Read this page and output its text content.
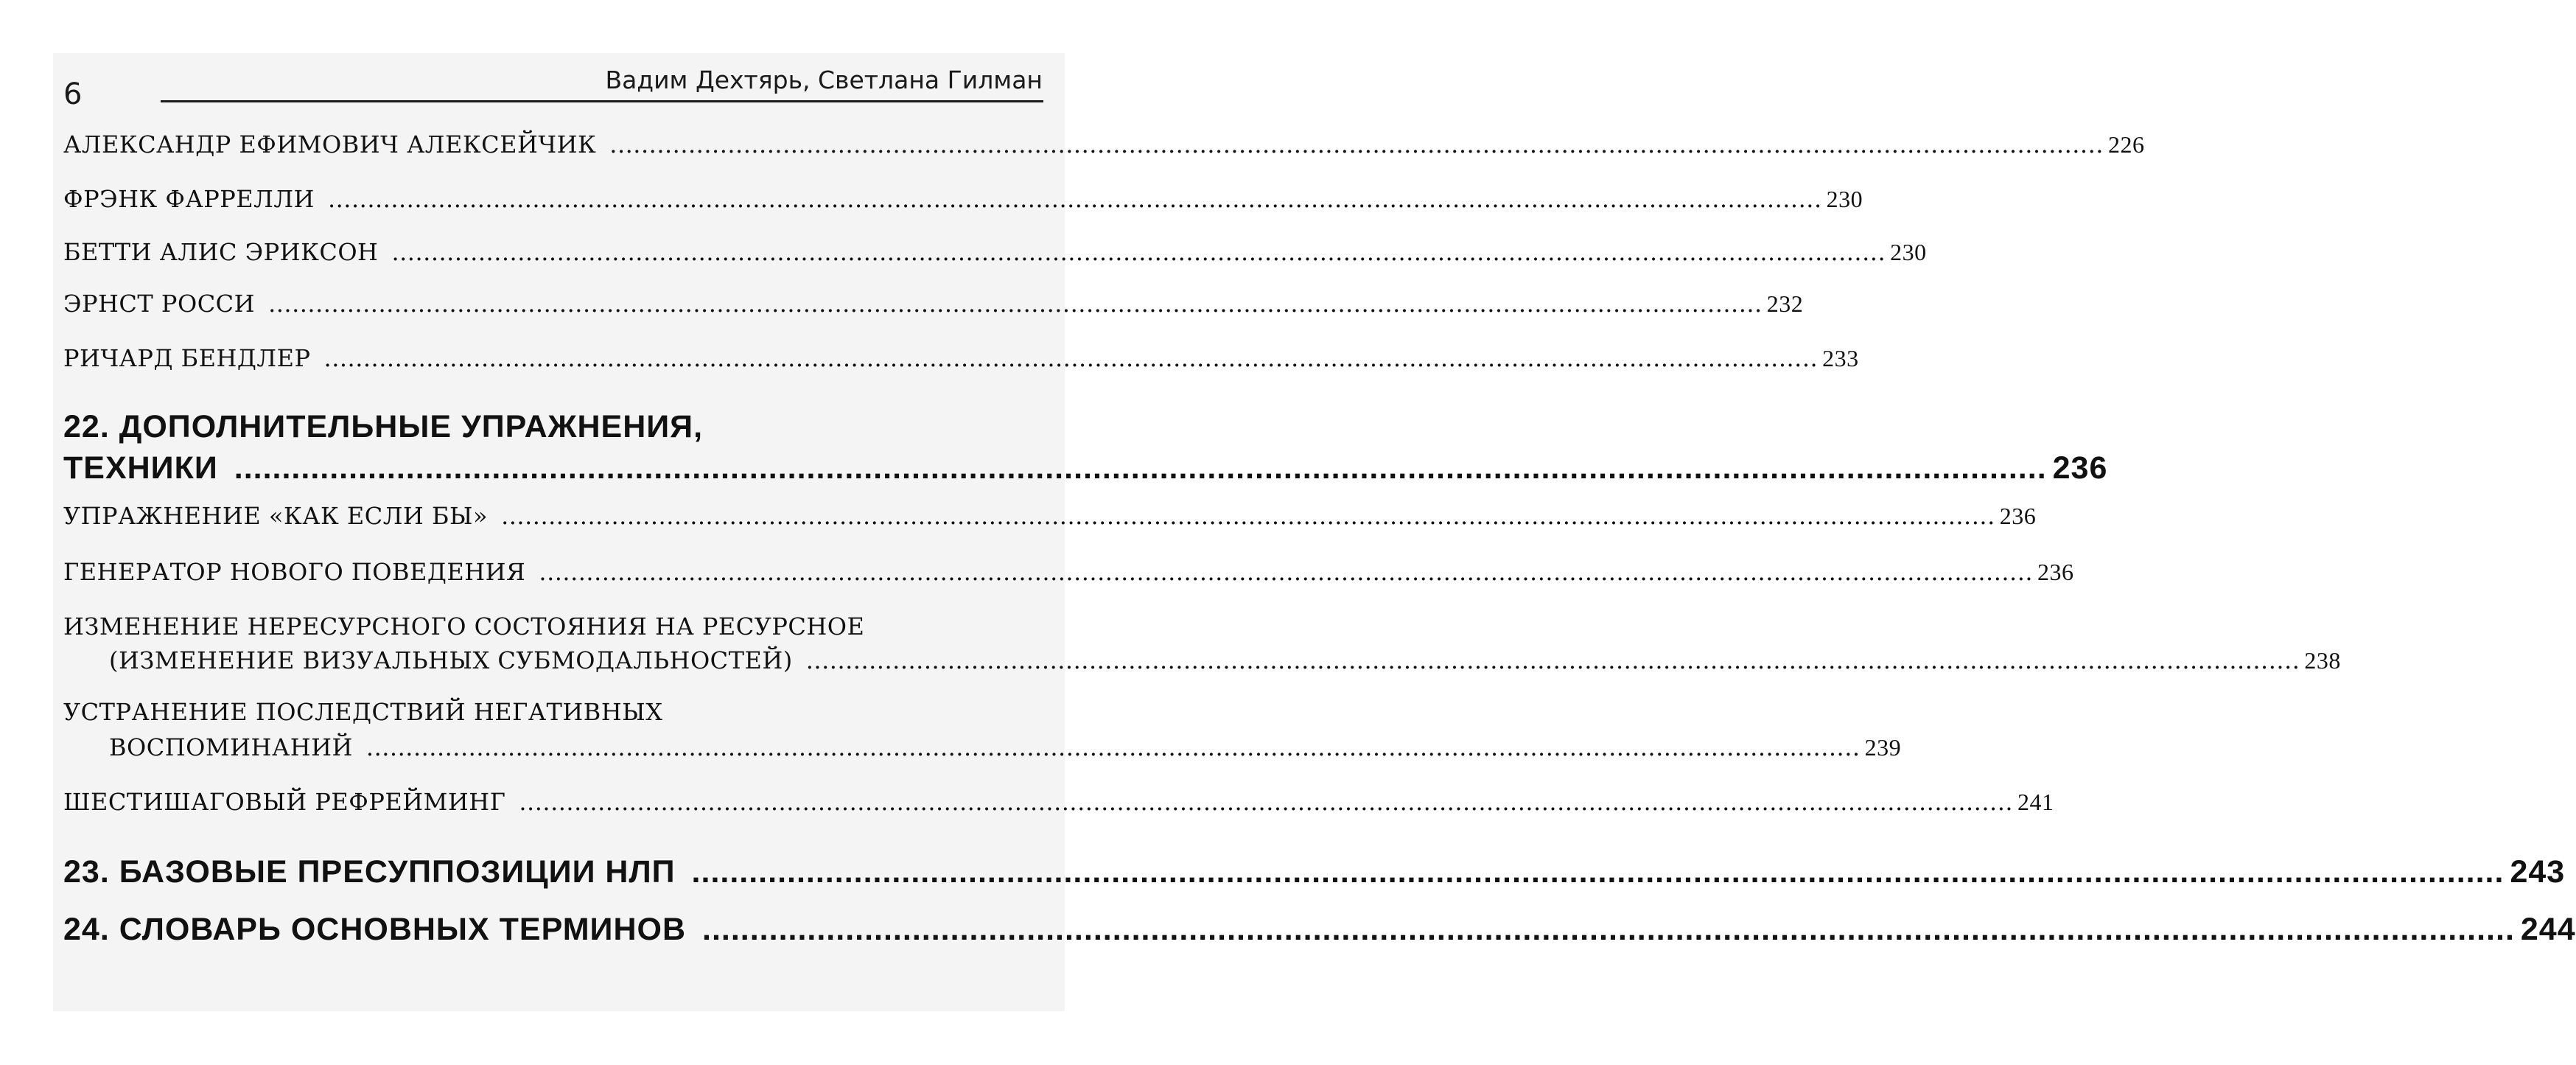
6	Вадим Дехтярь, Светлана Гилман
АЛЕКСАНДР ЕФИМОВИЧ АЛЕКСЕЙЧИК .............................................................................................................................................................................................. 226
ФРЭНК ФАРРЕЛЛИ .............................................................................................................................................................................................. 230
БЕТТИ АЛИС ЭРИКСОН .............................................................................................................................................................................................. 230
ЭРНСТ РОССИ .............................................................................................................................................................................................. 232
РИЧАРД БЕНДЛЕР .............................................................................................................................................................................................. 233
22. ДОПОЛНИТЕЛЬНЫЕ УПРАЖНЕНИЯ,
ТЕХНИКИ .............................................................................................................................................................................................. 236
УПРАЖНЕНИЕ «КАК ЕСЛИ БЫ» .............................................................................................................................................................................................. 236
ГЕНЕРАТОР НОВОГО ПОВЕДЕНИЯ .............................................................................................................................................................................................. 236
ИЗМЕНЕНИЕ НЕРЕСУРСНОГО СОСТОЯНИЯ НА РЕСУРСНОЕ
(ИЗМЕНЕНИЕ ВИЗУАЛЬНЫХ СУБМОДАЛЬНОСТЕЙ) .............................................................................................................................................................................................. 238
УСТРАНЕНИЕ ПОСЛЕДСТВИЙ НЕГАТИВНЫХ
ВОСПОМИНАНИЙ .............................................................................................................................................................................................. 239
ШЕСТИШАГОВЫЙ РЕФРЕЙМИНГ .............................................................................................................................................................................................. 241
23. БАЗОВЫЕ ПРЕСУППОЗИЦИИ НЛП .............................................................................................................................................................................................. 243
24. СЛОВАРЬ ОСНОВНЫХ ТЕРМИНОВ .............................................................................................................................................................................................. 244
